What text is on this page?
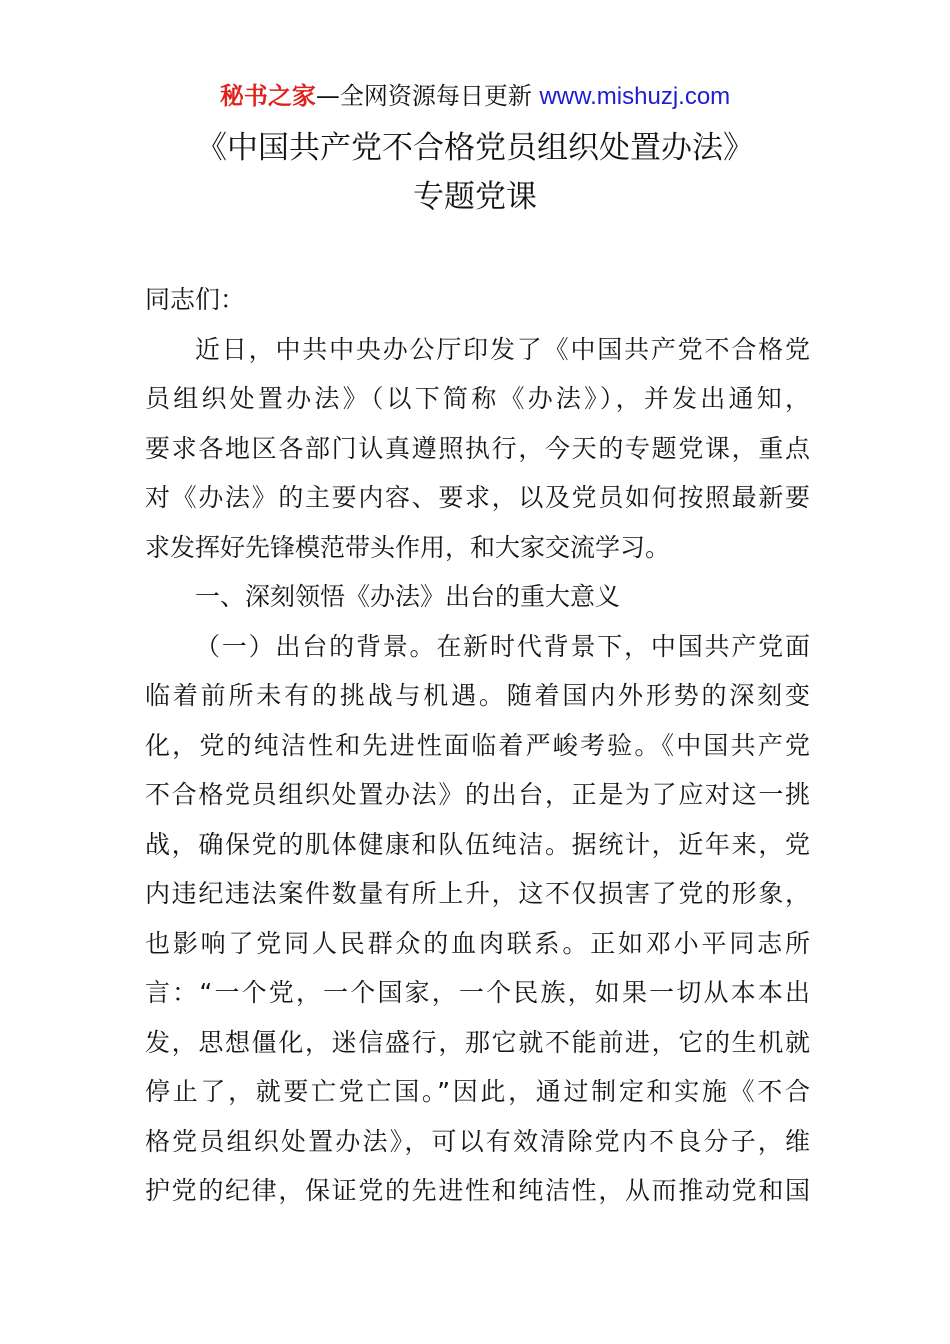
秘书之家—全网资源每日更新 www.mishuzj.com
《中国共产党不合格党员组织处置办法》
专题党课
同志们：
近日，中共中央办公厅印发了《中国共产党不合格党
员组织处置办法》（以下简称《办法》），并发出通知，
要求各地区各部门认真遵照执行，今天的专题党课，重点
对《办法》的主要内容、要求，以及党员如何按照最新要
求发挥好先锋模范带头作用，和大家交流学习。
一、深刻领悟《办法》出台的重大意义
（一）出台的背景。在新时代背景下，中国共产党面
临着前所未有的挑战与机遇。随着国内外形势的深刻变
化，党的纯洁性和先进性面临着严峻考验。《中国共产党
不合格党员组织处置办法》的出台，正是为了应对这一挑
战，确保党的肌体健康和队伍纯洁。据统计，近年来，党
内违纪违法案件数量有所上升，这不仅损害了党的形象，
也影响了党同人民群众的血肉联系。正如邓小平同志所
言：“一个党，一个国家，一个民族，如果一切从本本出
发，思想僵化，迷信盛行，那它就不能前进，它的生机就
停止了，就要亡党亡国。”因此，通过制定和实施《不合
格党员组织处置办法》，可以有效清除党内不良分子，维
护党的纪律，保证党的先进性和纯洁性，从而推动党和国
